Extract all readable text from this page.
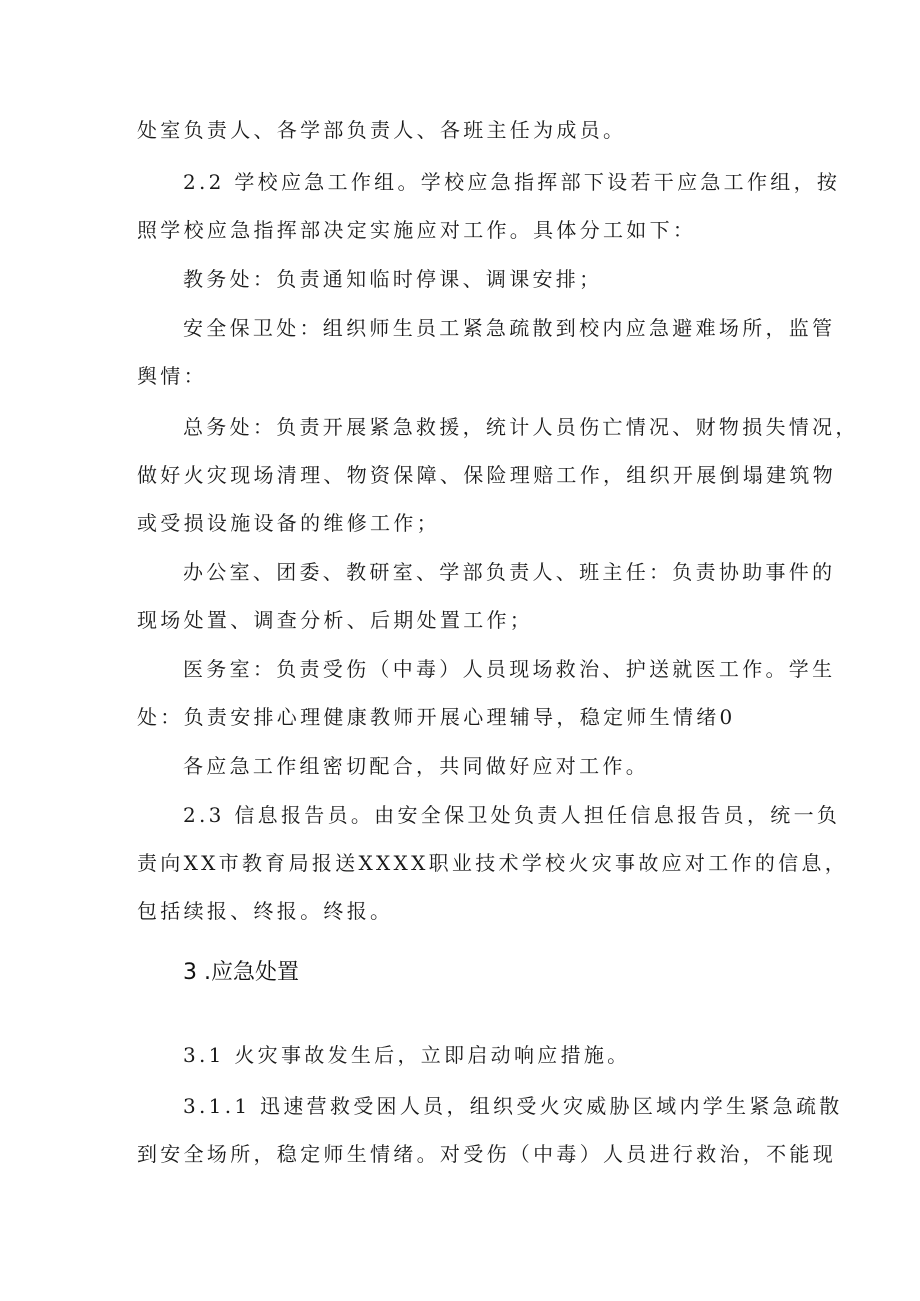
处室负责人、各学部负责人、各班主任为成员。
2.2 学校应急工作组。学校应急指挥部下设若干应急工作组，按
照学校应急指挥部决定实施应对工作。具体分工如下：
教务处：负责通知临时停课、调课安排；
安全保卫处：组织师生员工紧急疏散到校内应急避难场所，监管
舆情：
总务处：负责开展紧急救援，统计人员伤亡情况、财物损失情况，
做好火灾现场清理、物资保障、保险理赔工作，组织开展倒塌建筑物
或受损设施设备的维修工作；
办公室、团委、教研室、学部负责人、班主任：负责协助事件的
现场处置、调查分析、后期处置工作；
医务室：负责受伤（中毒）人员现场救治、护送就医工作。学生
处：负责安排心理健康教师开展心理辅导，稳定师生情绪0
各应急工作组密切配合，共同做好应对工作。
2.3 信息报告员。由安全保卫处负责人担任信息报告员，统一负
责向XX市教育局报送XXXX职业技术学校火灾事故应对工作的信息，
包括续报、终报。终报。
3 .应急处置
3.1 火灾事故发生后，立即启动响应措施。
3.1.1 迅速营救受困人员，组织受火灾威胁区域内学生紧急疏散
到安全场所，稳定师生情绪。对受伤（中毒）人员进行救治，不能现
